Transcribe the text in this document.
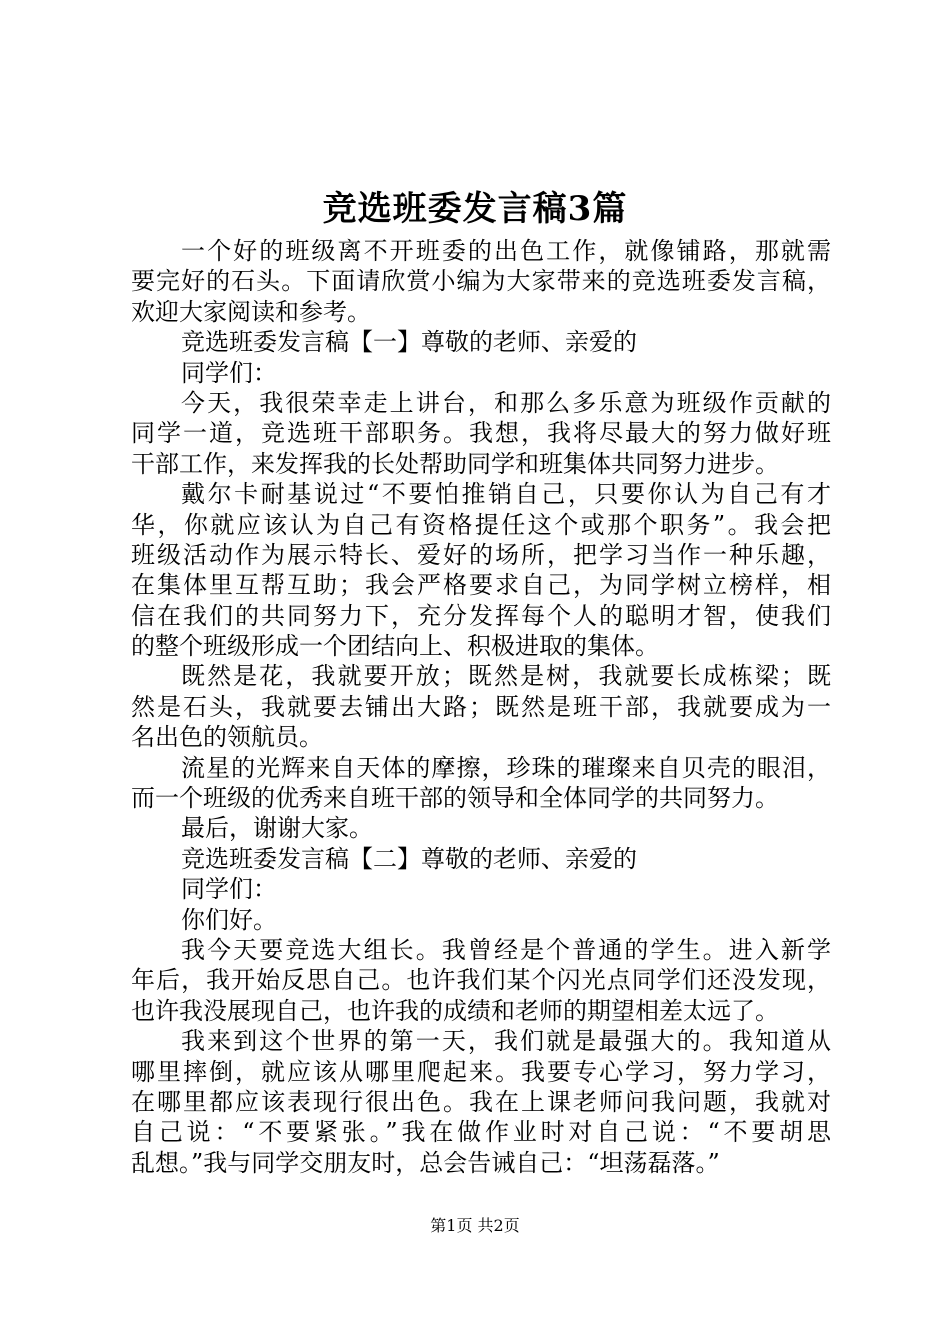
竞选班委发言稿3篇
一个好的班级离不开班委的出色工作，就像铺路，那就需
要完好的石头。下面请欣赏小编为大家带来的竞选班委发言稿，
欢迎大家阅读和参考。
竞选班委发言稿【一】尊敬的老师、亲爱的
同学们：
今天，我很荣幸走上讲台，和那么多乐意为班级作贡献的
同学一道，竞选班干部职务。我想，我将尽最大的努力做好班
干部工作，来发挥我的长处帮助同学和班集体共同努力进步。
戴尔卡耐基说过“不要怕推销自己，只要你认为自己有才
华，你就应该认为自己有资格提任这个或那个职务”。我会把
班级活动作为展示特长、爱好的场所，把学习当作一种乐趣，
在集体里互帮互助；我会严格要求自己，为同学树立榜样，相
信在我们的共同努力下，充分发挥每个人的聪明才智，使我们
的整个班级形成一个团结向上、积极进取的集体。
既然是花，我就要开放；既然是树，我就要长成栋梁；既
然是石头，我就要去铺出大路；既然是班干部，我就要成为一
名出色的领航员。
流星的光辉来自天体的摩擦，珍珠的璀璨来自贝壳的眼泪，
而一个班级的优秀来自班干部的领导和全体同学的共同努力。
最后，谢谢大家。
竞选班委发言稿【二】尊敬的老师、亲爱的
同学们：
你们好。
我今天要竞选大组长。我曾经是个普通的学生。进入新学
年后，我开始反思自己。也许我们某个闪光点同学们还没发现，
也许我没展现自己，也许我的成绩和老师的期望相差太远了。
我来到这个世界的第一天，我们就是最强大的。我知道从
哪里摔倒，就应该从哪里爬起来。我要专心学习，努力学习，
在哪里都应该表现行很出色。我在上课老师问我问题，我就对
自己说：“不要紧张。”我在做作业时对自己说：“不要胡思
乱想。”我与同学交朋友时，总会告诫自己：“坦荡磊落。”
第1页 共2页
